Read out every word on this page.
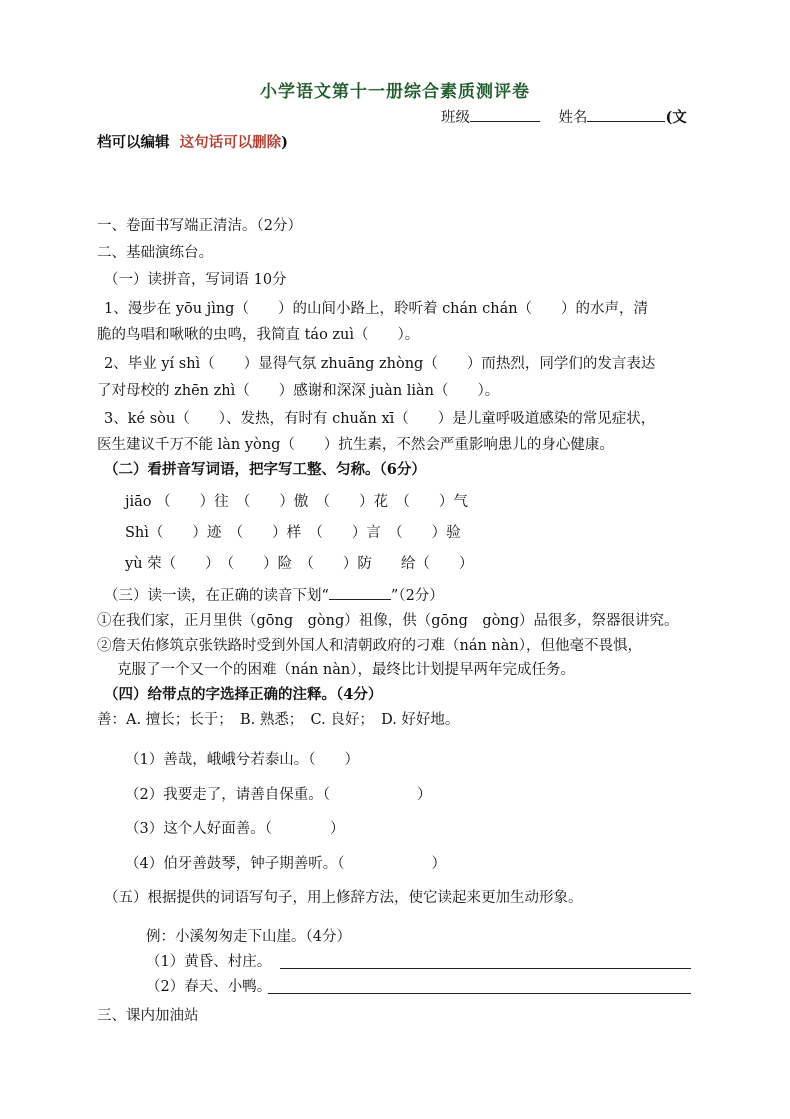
小学语文第十一册综合素质测评卷
班级	姓名	(文
档可以编辑 这句话可以删除)
一、卷面书写端正清洁。（2分）
二、基础演练台。
（一）读拼音，写词语 10分
1、漫步在 yōu jìng（　　）的山间小路上，聆听着 chán chán（　　）的水声，清
脆的鸟唱和啾啾的虫鸣，我简直 táo zuì（　　）。
2、毕业 yí shì（　　）显得气氛 zhuāng zhòng（　　）而热烈，同学们的发言表达
了对母校的 zhēn zhì（　　）感谢和深深 juàn liàn（　　）。
3、ké sòu（　　）、发热，有时有 chuǎn xī（　　）是儿童呼吸道感染的常见症状，
医生建议千万不能 làn yòng（　　）抗生素，不然会严重影响患儿的身心健康。
（二）看拼音写词语，把字写工整、匀称。（6分）
jiāo （　　）往　（　　）傲　（　　）花　（　　）气
Shì（　　）迹　（　　）样　（　　）言　（　　）验
yù 荣（　　）　（　　）险　（　　）防　　给（　　）
（三）读一读，在正确的读音下划“	”（2分）
①在我们家，正月里供（gōng　gòng）祖像，供（gōng　gòng）品很多，祭器很讲究。
②詹天佑修筑京张铁路时受到外国人和清朝政府的刁难（nán nàn），但他毫不畏惧，
克服了一个又一个的困难（nán nàn），最终比计划提早两年完成任务。
（四）给带点的字选择正确的注释。（4分）
善：A. 擅长；长于；　B. 熟悉；　C. 良好；　D. 好好地。
（1）善哉，峨峨兮若泰山。（　　）
（2）我要走了，请善自保重。（　　　　　　）
（3）这个人好面善。（　　　　）
（4）伯牙善鼓琴，钟子期善听。（　　　　　　）
（五）根据提供的词语写句子，用上修辞方法，使它读起来更加生动形象。
例：小溪匆匆走下山崖。（4分）
（1）黄昏、村庄。
（2）春天、小鸭。
三、课内加油站
